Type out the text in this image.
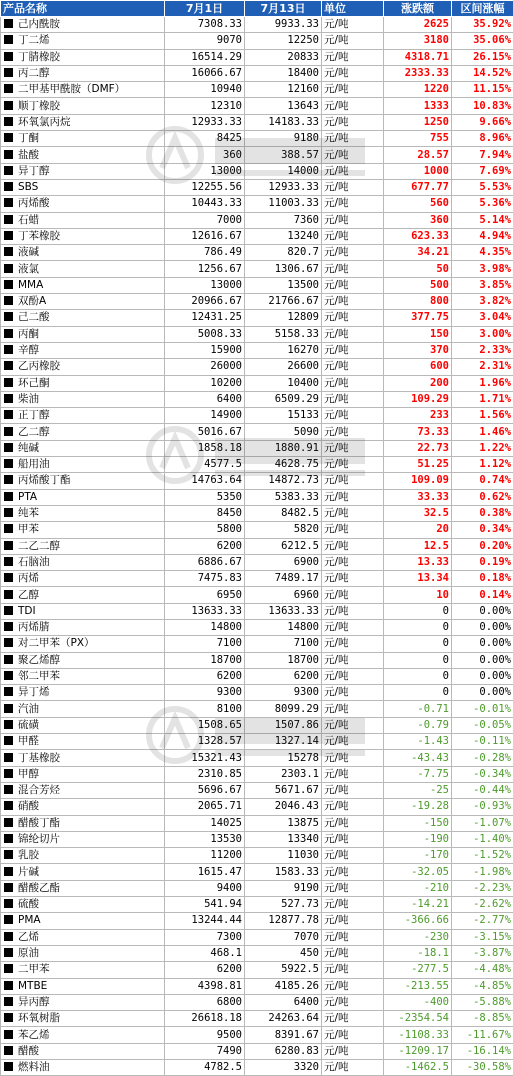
产品名称	7月1日	7月13日	单位	涨跌额	区间涨幅
己内酰胺	7308.33	9933.33	元/吨	2625	35.92%
丁二烯	9070	12250	元/吨	3180	35.06%
丁腈橡胶	16514.29	20833	元/吨	4318.71	26.15%
丙二醇	16066.67	18400	元/吨	2333.33	14.52%
二甲基甲酰胺（DMF）	10940	12160	元/吨	1220	11.15%
顺丁橡胶	12310	13643	元/吨	1333	10.83%
环氧氯丙烷	12933.33	14183.33	元/吨	1250	9.66%
丁酮	8425	9180	元/吨	755	8.96%
盐酸	360	388.57	元/吨	28.57	7.94%
异丁醇	13000	14000	元/吨	1000	7.69%
SBS	12255.56	12933.33	元/吨	677.77	5.53%
丙烯酸	10443.33	11003.33	元/吨	560	5.36%
石蜡	7000	7360	元/吨	360	5.14%
丁苯橡胶	12616.67	13240	元/吨	623.33	4.94%
液碱	786.49	820.7	元/吨	34.21	4.35%
液氯	1256.67	1306.67	元/吨	50	3.98%
MMA	13000	13500	元/吨	500	3.85%
双酚A	20966.67	21766.67	元/吨	800	3.82%
己二酸	12431.25	12809	元/吨	377.75	3.04%
丙酮	5008.33	5158.33	元/吨	150	3.00%
辛醇	15900	16270	元/吨	370	2.33%
乙丙橡胶	26000	26600	元/吨	600	2.31%
环己酮	10200	10400	元/吨	200	1.96%
柴油	6400	6509.29	元/吨	109.29	1.71%
正丁醇	14900	15133	元/吨	233	1.56%
乙二醇	5016.67	5090	元/吨	73.33	1.46%
纯碱	1858.18	1880.91	元/吨	22.73	1.22%
船用油	4577.5	4628.75	元/吨	51.25	1.12%
丙烯酸丁酯	14763.64	14872.73	元/吨	109.09	0.74%
PTA	5350	5383.33	元/吨	33.33	0.62%
纯苯	8450	8482.5	元/吨	32.5	0.38%
甲苯	5800	5820	元/吨	20	0.34%
二乙二醇	6200	6212.5	元/吨	12.5	0.20%
石脑油	6886.67	6900	元/吨	13.33	0.19%
丙烯	7475.83	7489.17	元/吨	13.34	0.18%
乙醇	6950	6960	元/吨	10	0.14%
TDI	13633.33	13633.33	元/吨	0	0.00%
丙烯腈	14800	14800	元/吨	0	0.00%
对二甲苯（PX）	7100	7100	元/吨	0	0.00%
聚乙烯醇	18700	18700	元/吨	0	0.00%
邻二甲苯	6200	6200	元/吨	0	0.00%
异丁烯	9300	9300	元/吨	0	0.00%
汽油	8100	8099.29	元/吨	-0.71	-0.01%
硫磺	1508.65	1507.86	元/吨	-0.79	-0.05%
甲醛	1328.57	1327.14	元/吨	-1.43	-0.11%
丁基橡胶	15321.43	15278	元/吨	-43.43	-0.28%
甲醇	2310.85	2303.1	元/吨	-7.75	-0.34%
混合芳烃	5696.67	5671.67	元/吨	-25	-0.44%
硝酸	2065.71	2046.43	元/吨	-19.28	-0.93%
醋酸丁酯	14025	13875	元/吨	-150	-1.07%
锦纶切片	13530	13340	元/吨	-190	-1.40%
乳胶	11200	11030	元/吨	-170	-1.52%
片碱	1615.47	1583.33	元/吨	-32.05	-1.98%
醋酸乙酯	9400	9190	元/吨	-210	-2.23%
硫酸	541.94	527.73	元/吨	-14.21	-2.62%
PMA	13244.44	12877.78	元/吨	-366.66	-2.77%
乙烯	7300	7070	元/吨	-230	-3.15%
原油	468.1	450	元/吨	-18.1	-3.87%
二甲苯	6200	5922.5	元/吨	-277.5	-4.48%
MTBE	4398.81	4185.26	元/吨	-213.55	-4.85%
异丙醇	6800	6400	元/吨	-400	-5.88%
环氧树脂	26618.18	24263.64	元/吨	-2354.54	-8.85%
苯乙烯	9500	8391.67	元/吨	-1108.33	-11.67%
醋酸	7490	6280.83	元/吨	-1209.17	-16.14%
燃料油	4782.5	3320	元/吨	-1462.5	-30.58%
